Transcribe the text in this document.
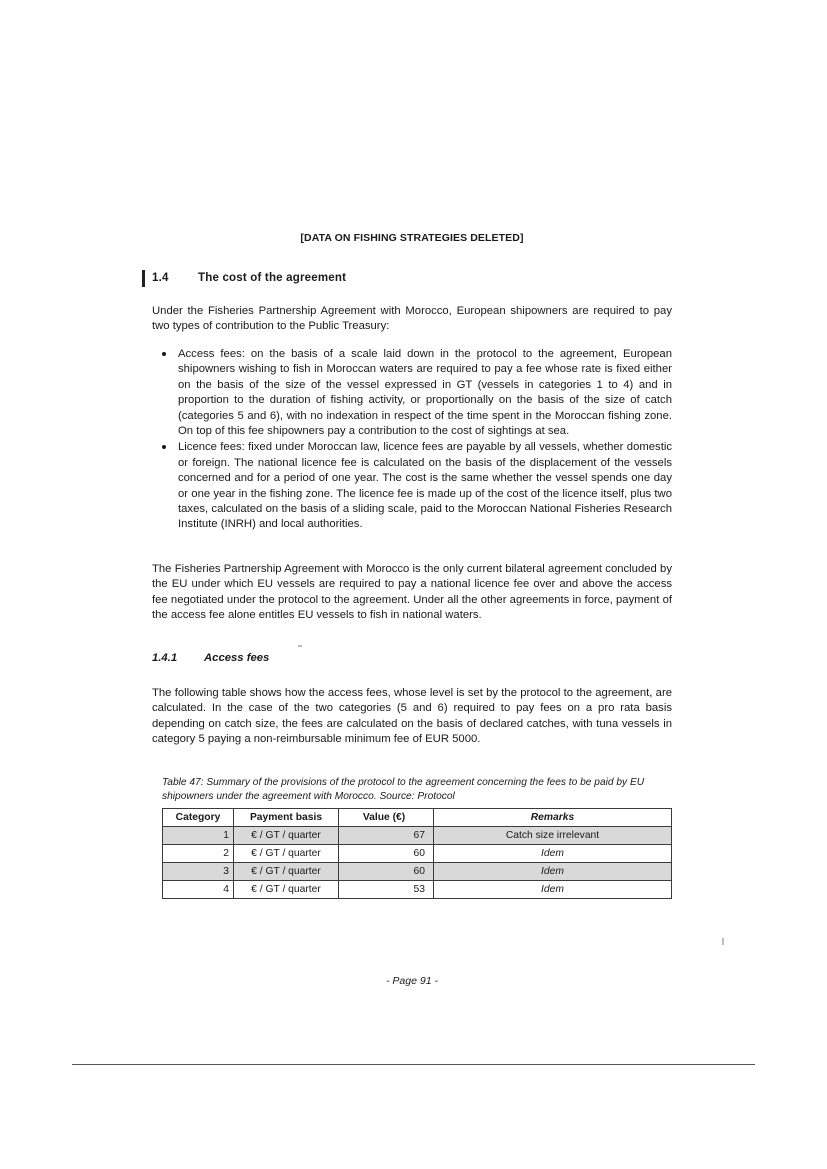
[DATA ON FISHING STRATEGIES DELETED]
1.4	The cost of the agreement

Under the Fisheries Partnership Agreement with Morocco, European shipowners are required to pay two types of contribution to the Public Treasury:

Access fees: on the basis of a scale laid down in the protocol to the agreement, European shipowners wishing to fish in Moroccan waters are required to pay a fee whose rate is fixed either on the basis of the size of the vessel expressed in GT (vessels in categories 1 to 4) and in proportion to the duration of fishing activity, or proportionally on the basis of the size of catch (categories 5 and 6), with no indexation in respect of the time spent in the Moroccan fishing zone. On top of this fee shipowners pay a contribution to the cost of sightings at sea.
Licence fees: fixed under Moroccan law, licence fees are payable by all vessels, whether domestic or foreign. The national licence fee is calculated on the basis of the displacement of the vessels concerned and for a period of one year. The cost is the same whether the vessel spends one day or one year in the fishing zone. The licence fee is made up of the cost of the licence itself, plus two taxes, calculated on the basis of a sliding scale, paid to the Moroccan National Fisheries Research Institute (INRH) and local authorities.

The Fisheries Partnership Agreement with Morocco is the only current bilateral agreement concluded by the EU under which EU vessels are required to pay a national licence fee over and above the access fee negotiated under the protocol to the agreement. Under all the other agreements in force, payment of the access fee alone entitles EU vessels to fish in national waters.

1.4.1 Access fees

The following table shows how the access fees, whose level is set by the protocol to the agreement, are calculated. In the case of the two categories (5 and 6) required to pay fees on a pro rata basis depending on catch size, the fees are calculated on the basis of declared catches, with tuna vessels in category 5 paying a non-reimbursable minimum fee of EUR 5000.

Table 47: Summary of the provisions of the protocol to the agreement concerning the fees to be paid by EU shipowners under the agreement with Morocco. Source: Protocol
Category	Payment basis	Value (€)	Remarks
1	€ / GT / quarter	67	Catch size irrelevant
2	€ / GT / quarter	60	Idem
3	€ / GT / quarter	60	Idem
4	€ / GT / quarter	53	Idem
- Page 91 -
